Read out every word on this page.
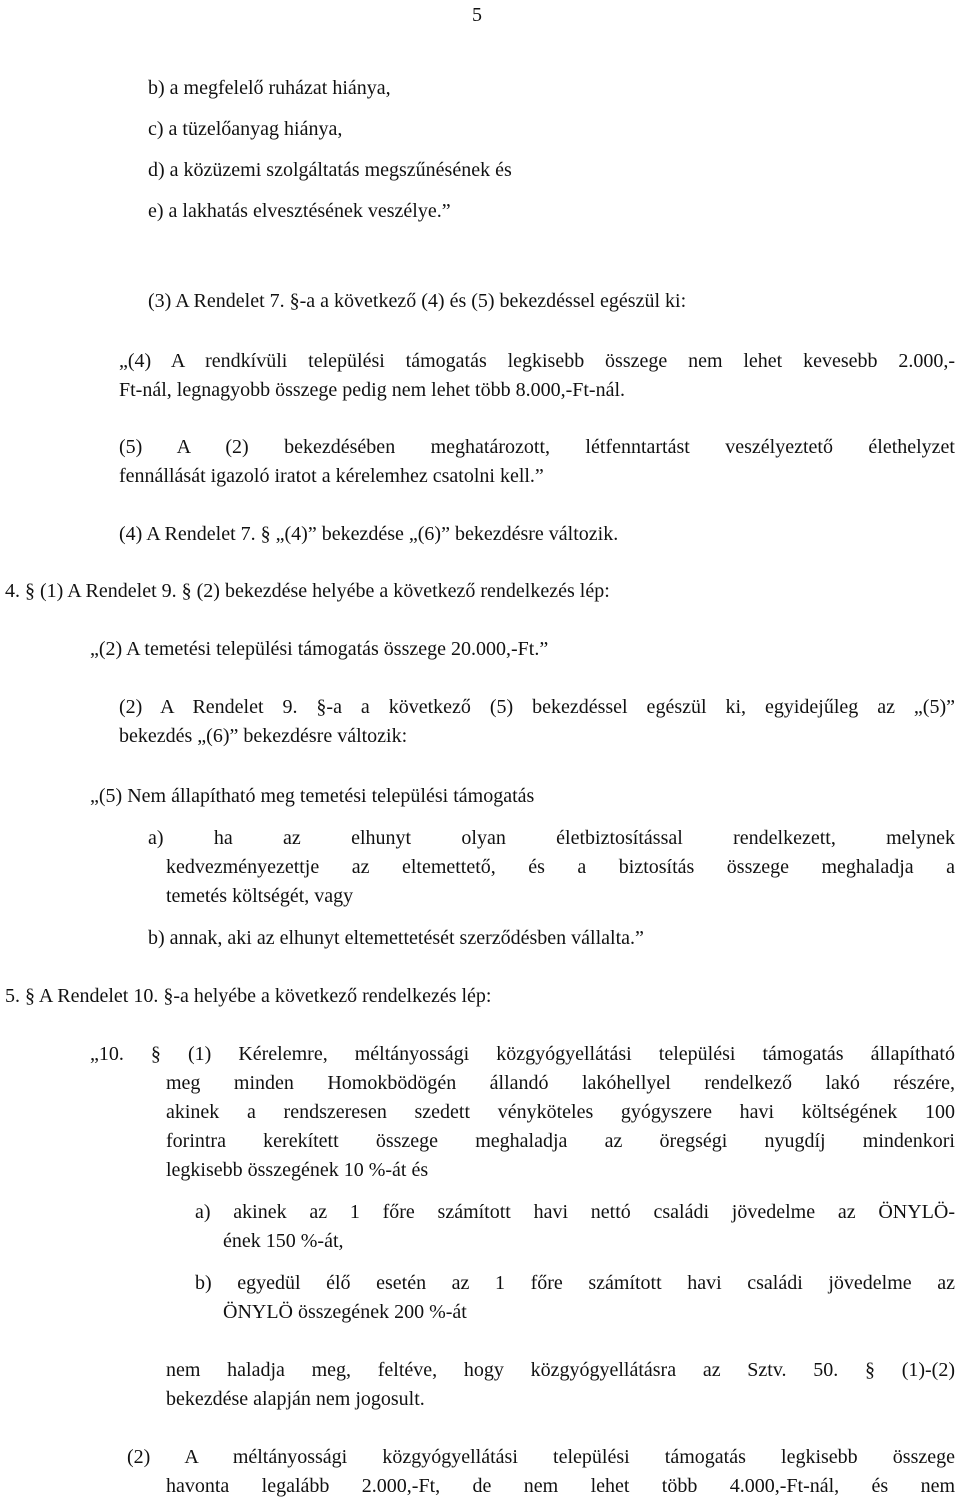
5
b) a megfelelő ruházat hiánya,
c) a tüzelőanyag hiánya,
d) a közüzemi szolgáltatás megszűnésének és
e) a lakhatás elvesztésének veszélye.”
(3) A Rendelet 7. §-a a következő (4) és (5) bekezdéssel egészül ki:
„(4) A rendkívüli települési támogatás legkisebb összege nem lehet kevesebb 2.000,-
Ft-nál, legnagyobb összege pedig nem lehet több 8.000,-Ft-nál.
(5) A (2) bekezdésében meghatározott, létfenntartást veszélyeztető élethelyzet
fennállását igazoló iratot a kérelemhez csatolni kell.”
(4) A Rendelet 7. § „(4)” bekezdése „(6)” bekezdésre változik.
4. § (1) A Rendelet 9. § (2) bekezdése helyébe a következő rendelkezés lép:
„(2) A temetési települési támogatás összege 20.000,-Ft.”
(2) A Rendelet 9. §-a a következő (5) bekezdéssel egészül ki, egyidejűleg az „(5)”
bekezdés „(6)” bekezdésre változik:
„(5) Nem állapítható meg temetési települési támogatás
a) ha az elhunyt olyan életbiztosítással rendelkezett, melynek
kedvezményezettje az eltemettető, és a biztosítás összege meghaladja a
temetés költségét, vagy
b) annak, aki az elhunyt eltemettetését szerződésben vállalta.”
5. § A Rendelet 10. §-a helyébe a következő rendelkezés lép:
„10. § (1) Kérelemre, méltányossági közgyógyellátási települési támogatás állapítható
meg minden Homokbödögén állandó lakóhellyel rendelkező lakó részére,
akinek a rendszeresen szedett vényköteles gyógyszere havi költségének 100
forintra kerekített összege meghaladja az öregségi nyugdíj mindenkori
legkisebb összegének 10 %-át és
a) akinek az 1 főre számított havi nettó családi jövedelme az ÖNYLÖ-
ének 150 %-át,
b) egyedül élő esetén az 1 főre számított havi családi jövedelme az
ÖNYLÖ összegének 200 %-át
nem haladja meg, feltéve, hogy közgyógyellátásra az Sztv. 50. § (1)-(2)
bekezdése alapján nem jogosult.
(2) A méltányossági közgyógyellátási települési támogatás legkisebb összege
havonta legalább 2.000,-Ft, de nem lehet több 4.000,-Ft-nál, és nem
